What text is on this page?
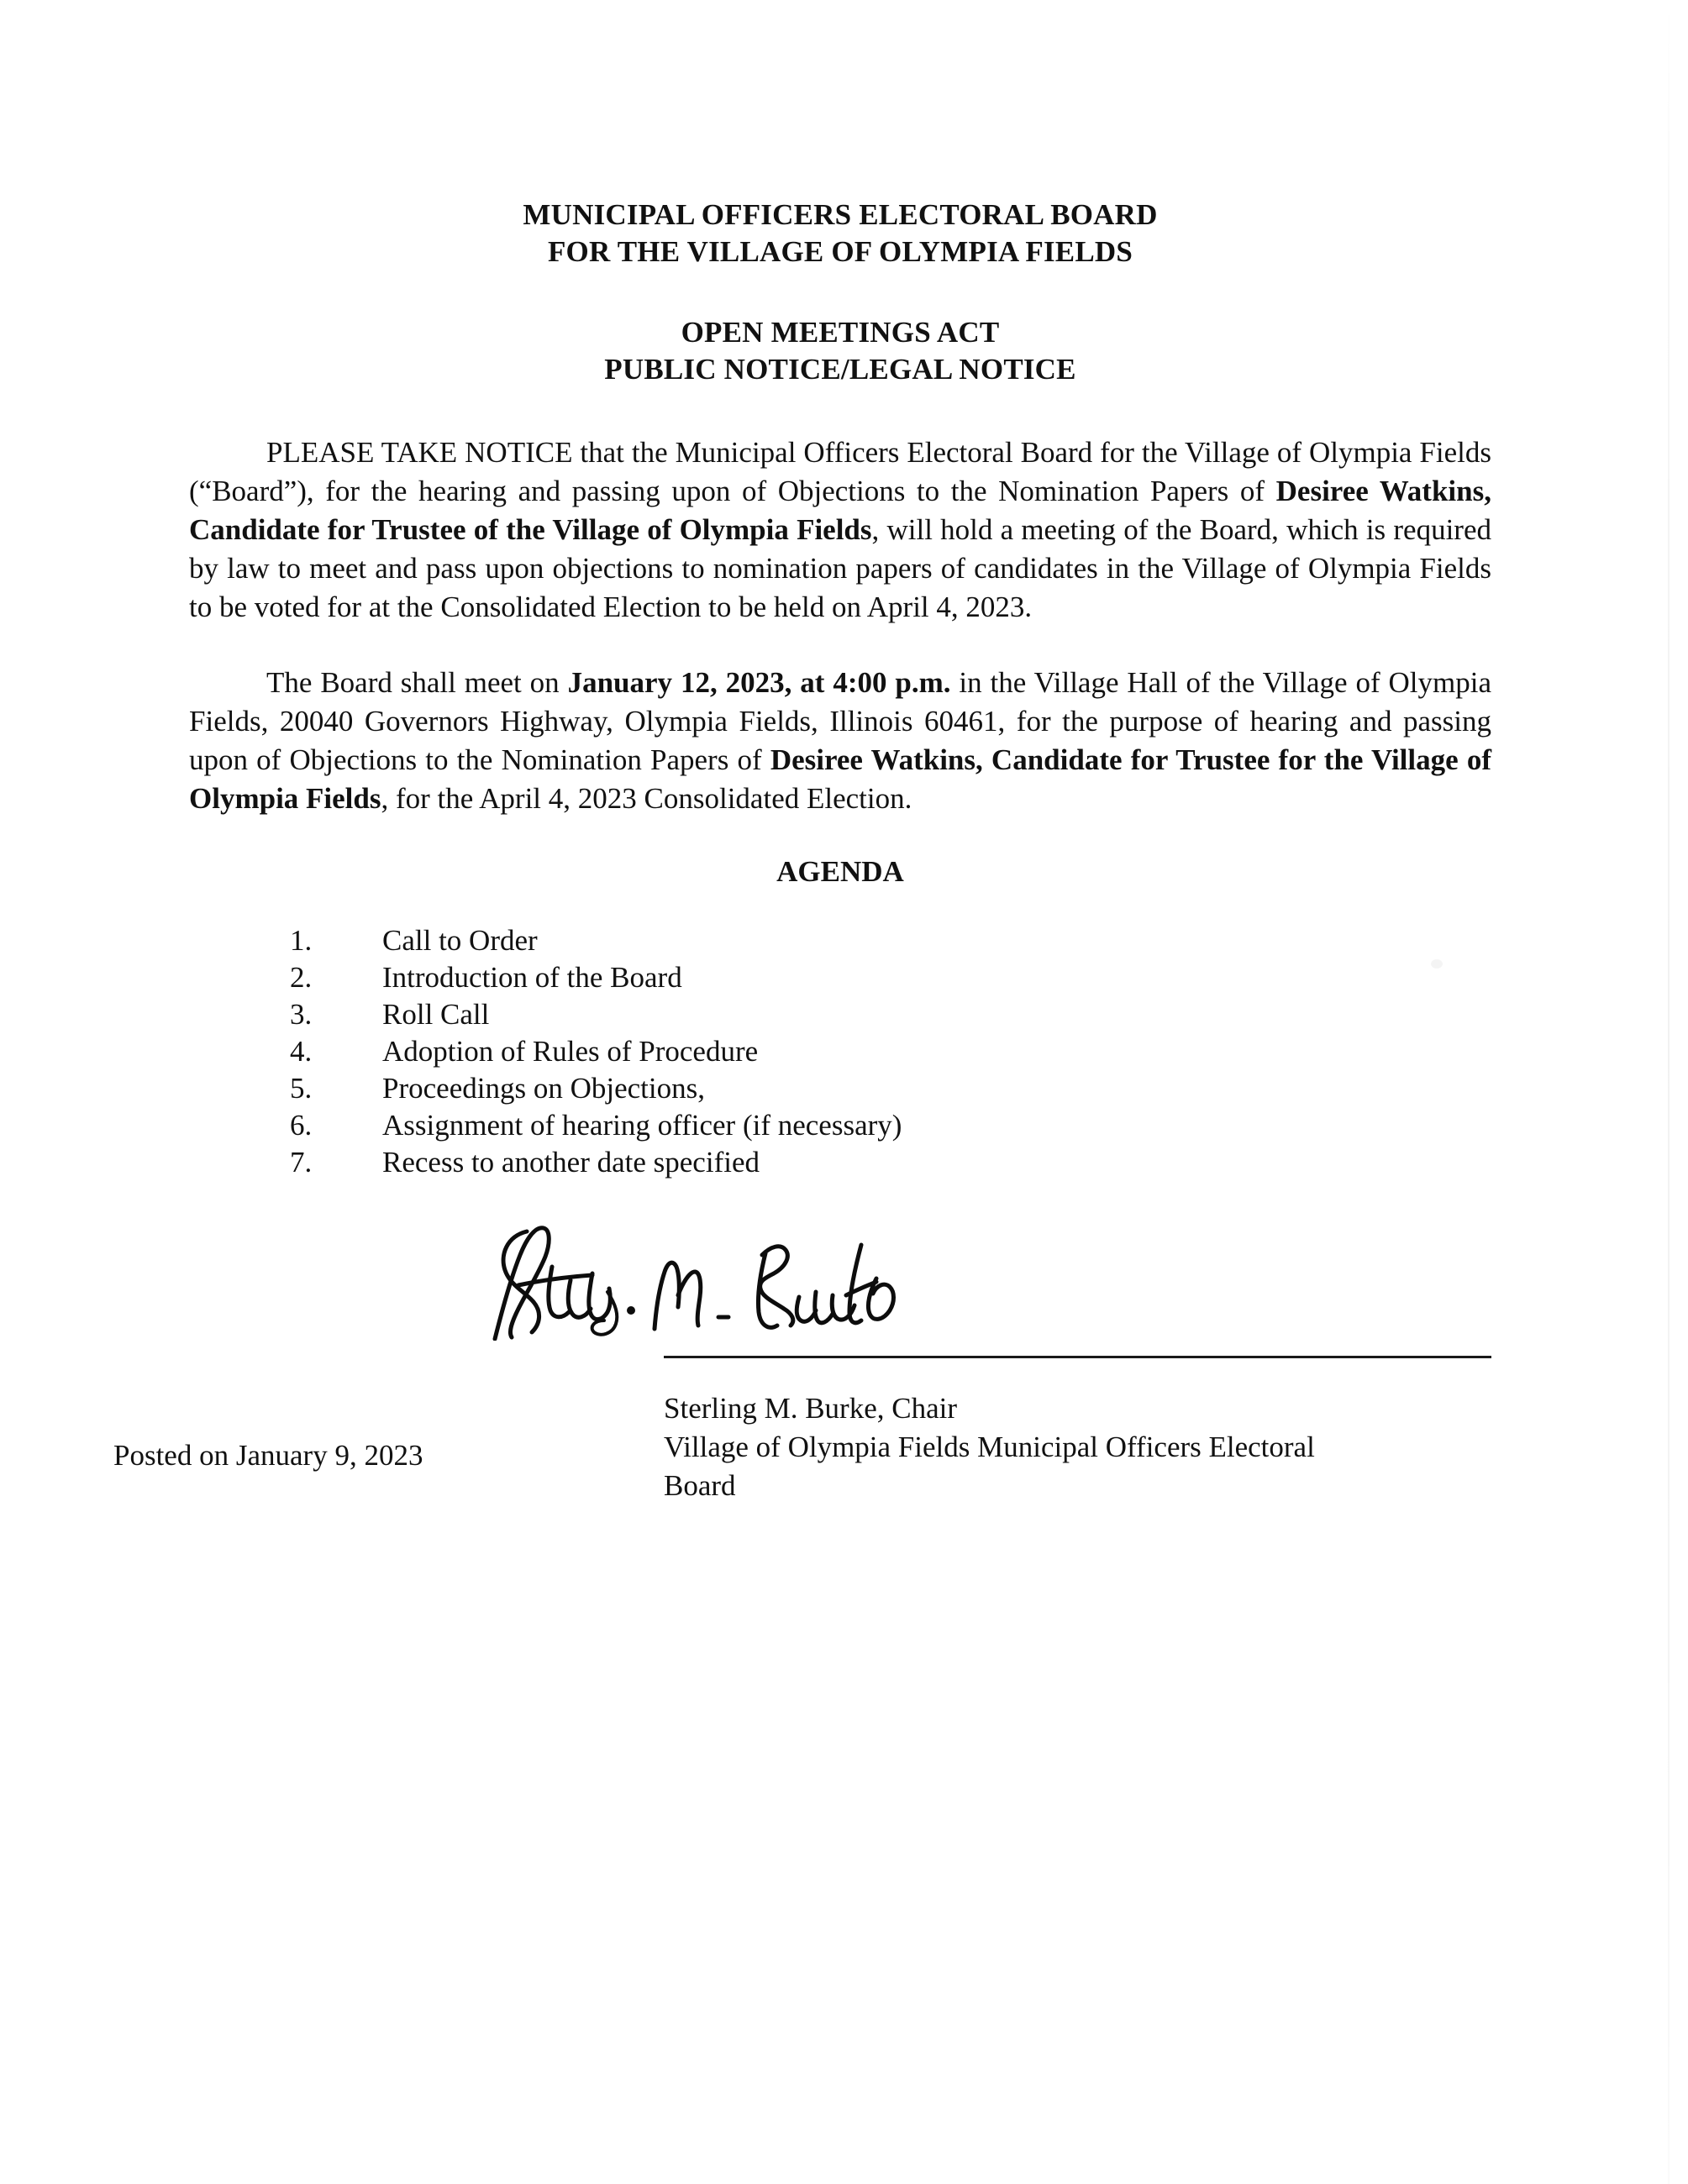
MUNICIPAL OFFICERS ELECTORAL BOARD
FOR THE VILLAGE OF OLYMPIA FIELDS
OPEN MEETINGS ACT
PUBLIC NOTICE/LEGAL NOTICE

PLEASE TAKE NOTICE that the Municipal Officers Electoral Board for the Village of Olympia Fields (“Board”), for the hearing and passing upon of Objections to the Nomination Papers of Desiree Watkins, Candidate for Trustee of the Village of Olympia Fields, will hold a meeting of the Board, which is required by law to meet and pass upon objections to nomination papers of candidates in the Village of Olympia Fields to be voted for at the Consolidated Election to be held on April 4, 2023.

The Board shall meet on January 12, 2023, at 4:00 p.m. in the Village Hall of the Village of Olympia Fields, 20040 Governors Highway, Olympia Fields, Illinois 60461, for the purpose of hearing and passing upon of Objections to the Nomination Papers of Desiree Watkins, Candidate for Trustee for the Village of Olympia Fields, for the April 4, 2023 Consolidated Election.

AGENDA
1.	Call to Order
2.	Introduction of the Board
3.	Roll Call
4.	Adoption of Rules of Procedure
5.	Proceedings on Objections,
6.	Assignment of hearing officer (if necessary)
7.	Recess to another date specified
Posted on January 9, 2023
Sterling M. Burke, Chair
Village of Olympia Fields Municipal Officers Electoral
Board
